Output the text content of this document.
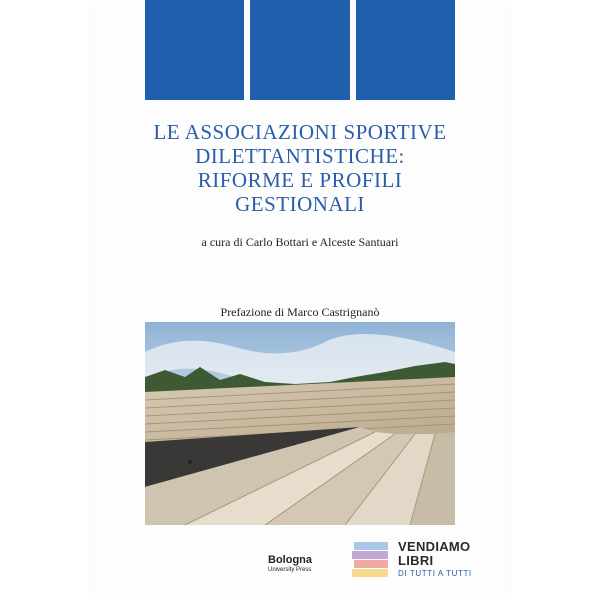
LE ASSOCIAZIONI SPORTIVE
DILETTANTISTICHE:
RIFORME E PROFILI
GESTIONALI
a cura di Carlo Bottari e Alceste Santuari
Prefazione di Marco Castrignanò
Bologna
University Press
VENDIAMO
LIBRI
DI TUTTI A TUTTI
